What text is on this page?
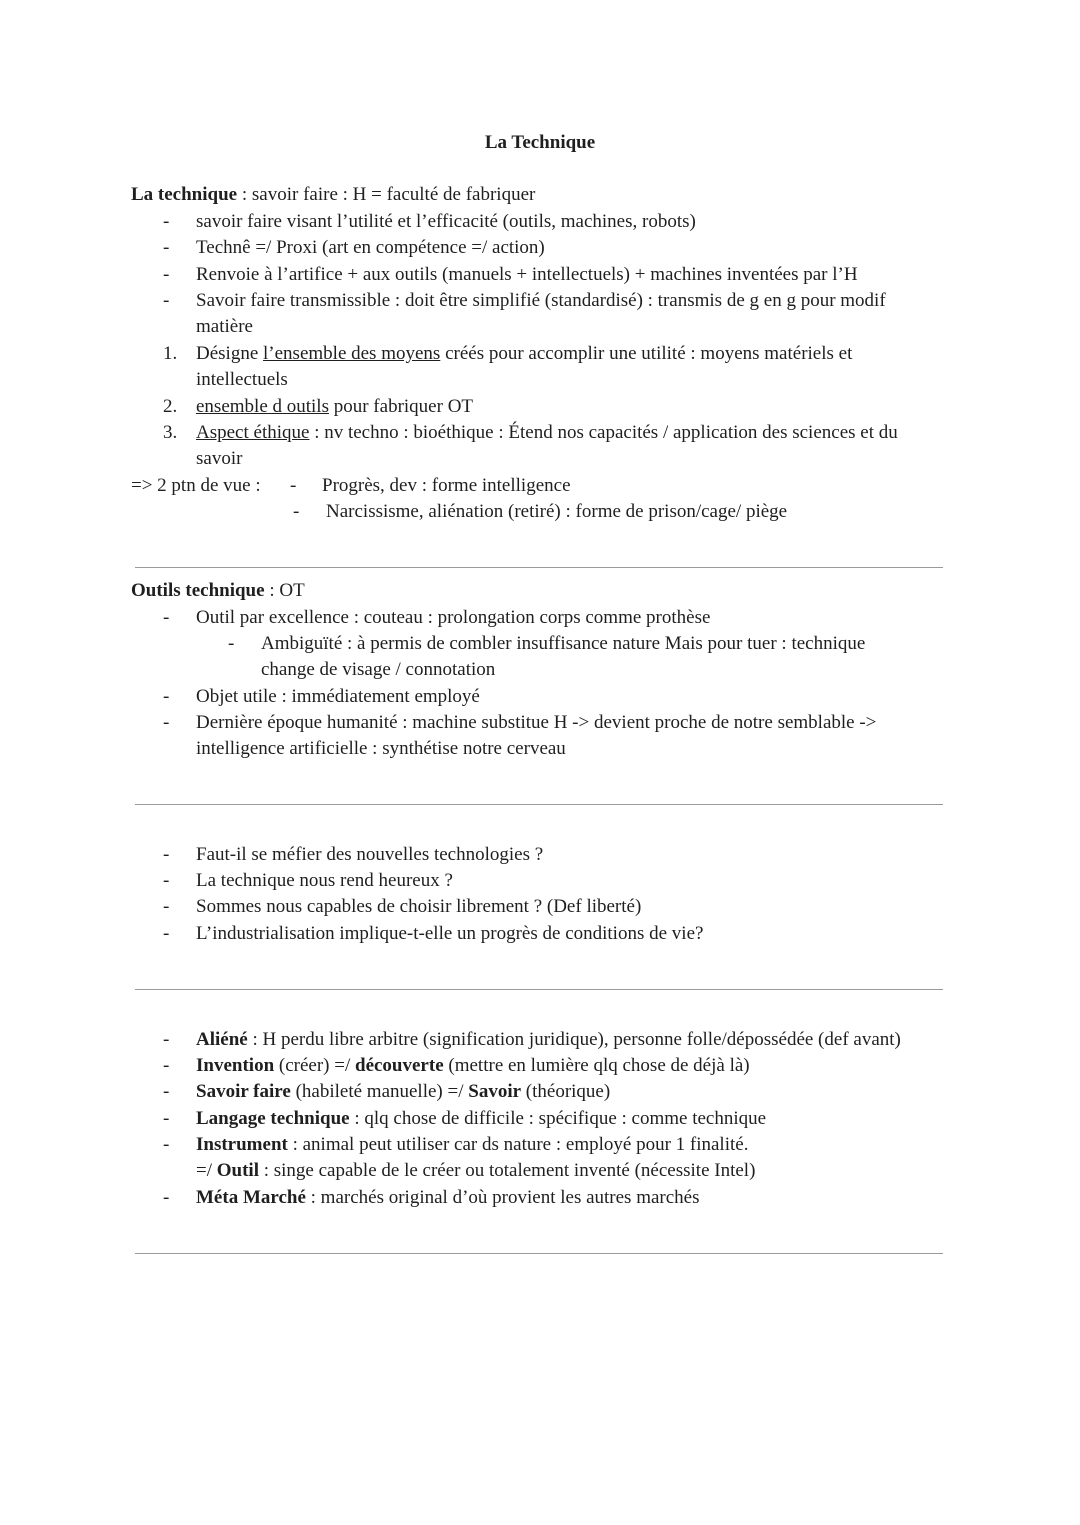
La Technique
La technique : savoir faire : H = faculté de fabriquer
- savoir faire visant l’utilité et l’efficacité (outils, machines, robots)
- Technê =/ Proxi (art en compétence =/ action)
- Renvoie à l’artifice + aux outils (manuels + intellectuels) + machines inventées par l’H
- Savoir faire transmissible : doit être simplifié (standardisé) : transmis de g en g pour modif
matière
1. Désigne l’ensemble des moyens créés pour accomplir une utilité : moyens matériels et
intellectuels
2. ensemble d outils pour fabriquer OT
3. Aspect éthique : nv techno : bioéthique : Étend nos capacités / application des sciences et du
savoir
=> 2 ptn de vue : - Progrès, dev : forme intelligence
- Narcissisme, aliénation (retiré) : forme de prison/cage/ piège
Outils technique : OT
- Outil par excellence : couteau : prolongation corps comme prothèse
- Ambiguïté : à permis de combler insuffisance nature Mais pour tuer : technique
change de visage / connotation
- Objet utile : immédiatement employé
- Dernière époque humanité : machine substitue H -> devient proche de notre semblable ->
intelligence artificielle : synthétise notre cerveau
- Faut-il se méfier des nouvelles technologies ?
- La technique nous rend heureux ?
- Sommes nous capables de choisir librement ? (Def liberté)
- L’industrialisation implique-t-elle un progrès de conditions de vie?
- Aliéné : H perdu libre arbitre (signification juridique), personne folle/dépossédée (def avant)
- Invention (créer) =/ découverte (mettre en lumière qlq chose de déjà là)
- Savoir faire (habileté manuelle) =/ Savoir (théorique)
- Langage technique : qlq chose de difficile : spécifique : comme technique
- Instrument : animal peut utiliser car ds nature : employé pour 1 finalité.
=/ Outil : singe capable de le créer ou totalement inventé (nécessite Intel)
- Méta Marché : marchés original d’où provient les autres marchés
